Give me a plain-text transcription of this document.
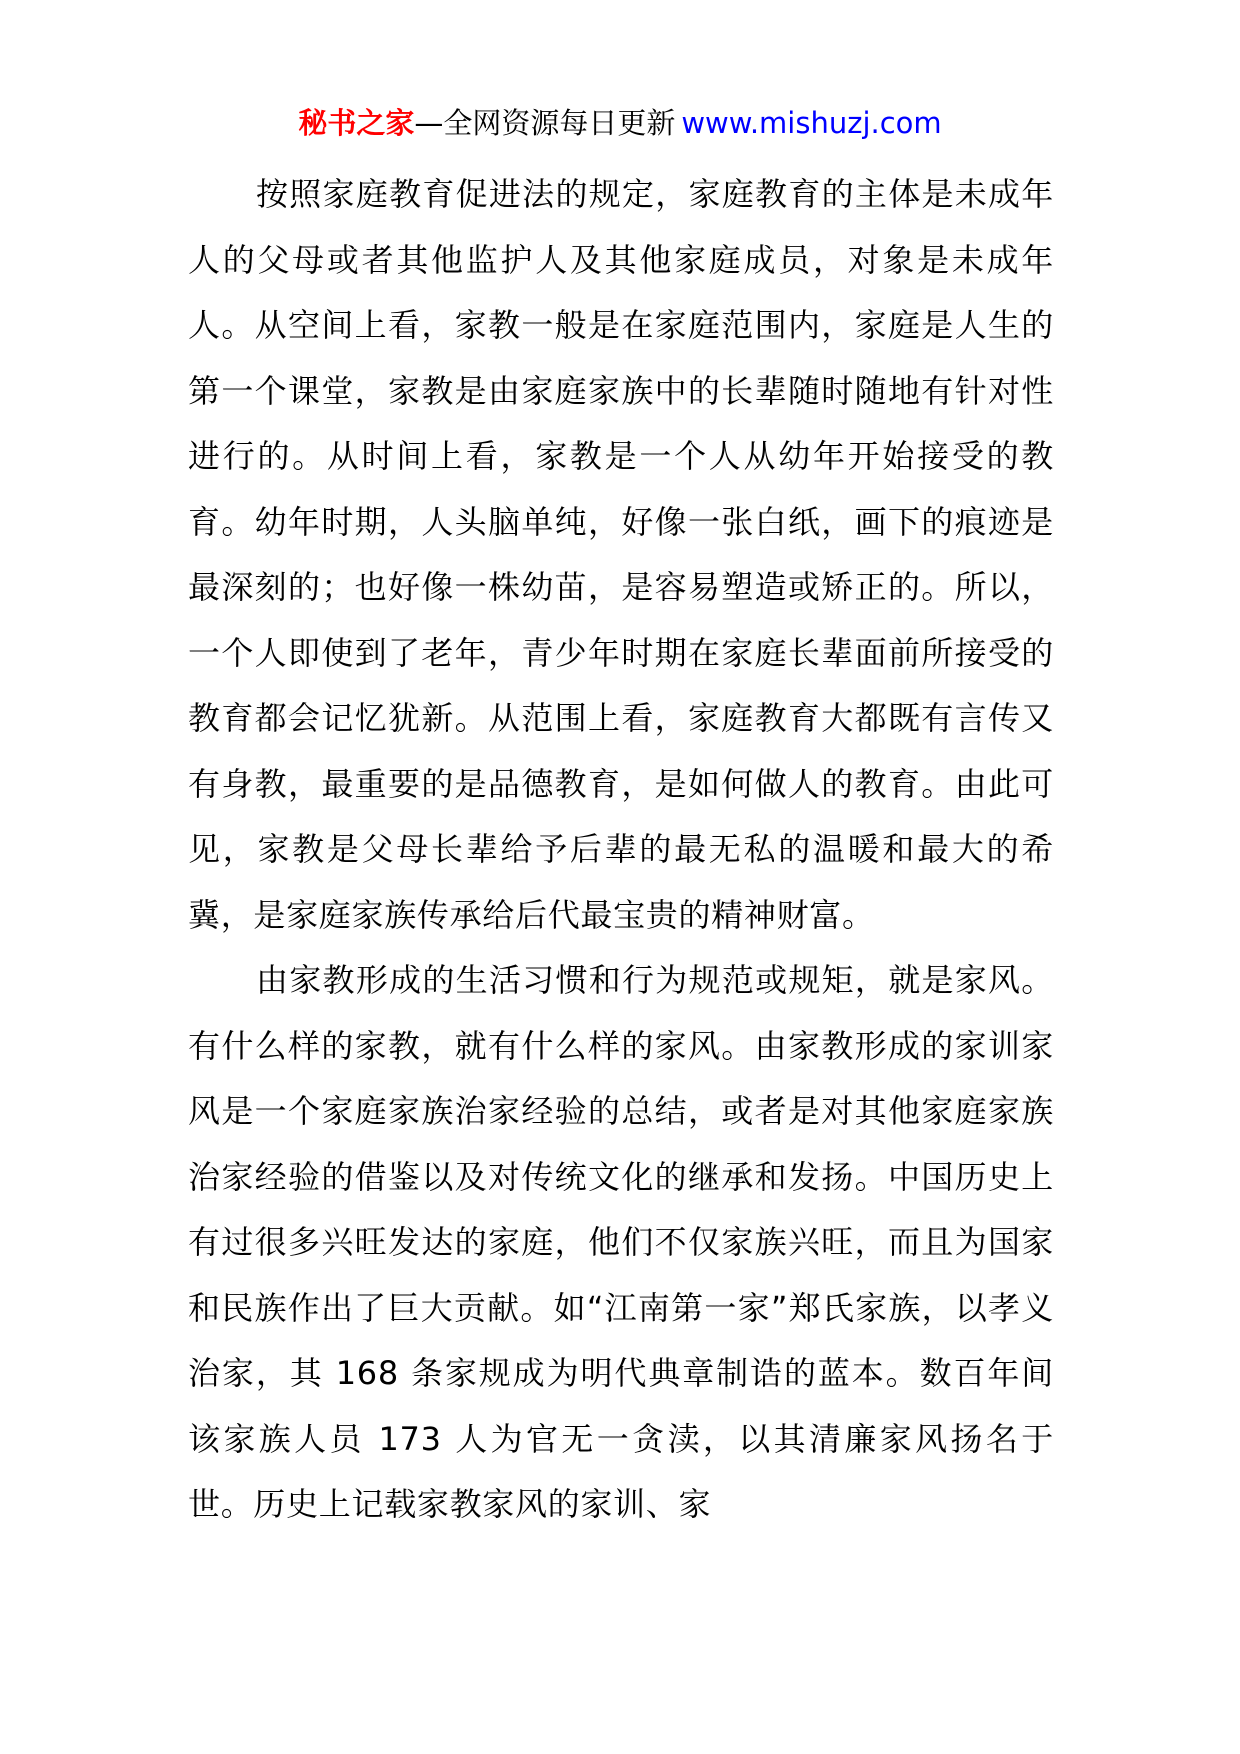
秘书之家—全网资源每日更新 www.mishuzj.com

按照家庭教育促进法的规定，家庭教育的主体是未成年人的父母或者其他监护人及其他家庭成员，对象是未成年人。从空间上看，家教一般是在家庭范围内，家庭是人生的第一个课堂，家教是由家庭家族中的长辈随时随地有针对性进行的。从时间上看，家教是一个人从幼年开始接受的教育。幼年时期，人头脑单纯，好像一张白纸，画下的痕迹是最深刻的；也好像一株幼苗，是容易塑造或矫正的。所以，一个人即使到了老年，青少年时期在家庭长辈面前所接受的教育都会记忆犹新。从范围上看，家庭教育大都既有言传又有身教，最重要的是品德教育，是如何做人的教育。由此可见，家教是父母长辈给予后辈的最无私的温暖和最大的希冀，是家庭家族传承给后代最宝贵的精神财富。

由家教形成的生活习惯和行为规范或规矩，就是家风。有什么样的家教，就有什么样的家风。由家教形成的家训家风是一个家庭家族治家经验的总结，或者是对其他家庭家族治家经验的借鉴以及对传统文化的继承和发扬。中国历史上有过很多兴旺发达的家庭，他们不仅家族兴旺，而且为国家和民族作出了巨大贡献。如“江南第一家”郑氏家族，以孝义治家，其 168 条家规成为明代典章制诰的蓝本。数百年间该家族人员 173 人为官无一贪渎，以其清廉家风扬名于世。历史上记载家教家风的家训、家
